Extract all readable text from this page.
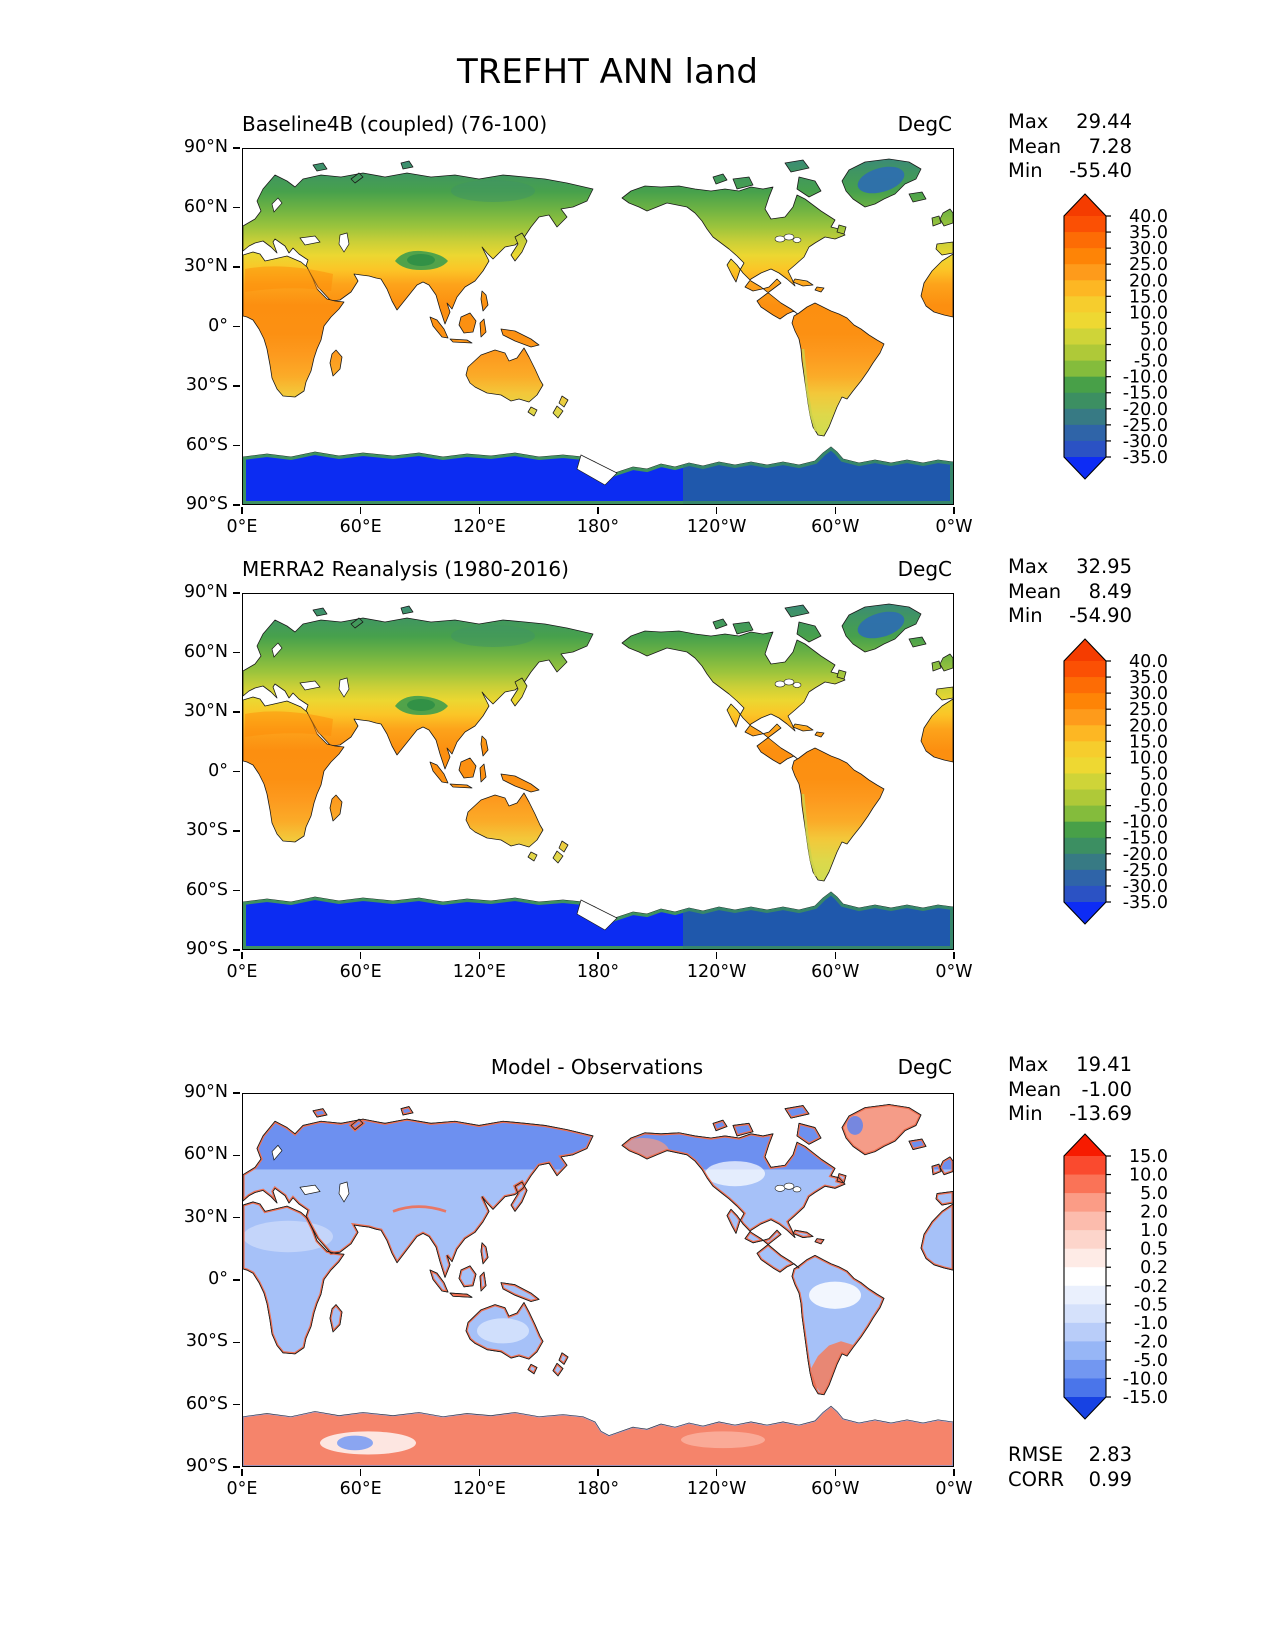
TREFHT ANN land
Baseline4B (coupled) (76-100)	DegC	Max 29.44
Mean 7.28
Min -55.40
40.0
35.0
30.0
25.0
20.0
15.0
10.0
5.0
0.0
-5.0
-10.0
-15.0
-20.0
-25.0
-30.0
-35.0
MERRA2 Reanalysis (1980-2016)	DegC	Max 32.95
Mean 8.49
Min -54.90
40.0
35.0
30.0
25.0
20.0
15.0
10.0
5.0
0.0
-5.0
-10.0
-15.0
-20.0
-25.0
-30.0
-35.0
Model - Observations	DegC	Max 19.41
Mean -1.00
Min -13.69
15.0
10.0
5.0
2.0
1.0
0.5
0.2
-0.2
-0.5
-1.0
-2.0
-5.0
-10.0
-15.0
RMSE 2.83
CORR 0.99
0°E
90°N
60°E
60°N
120°E
30°N
180°
0°
120°W
30°S
60°W
60°S
0°W
90°S
0°E
90°N
60°E
60°N
120°E
30°N
180°
0°
120°W
30°S
60°W
60°S
0°W
90°S
0°E
90°N
60°E
60°N
120°E
30°N
180°
0°
120°W
30°S
60°W
60°S
0°W
90°S
